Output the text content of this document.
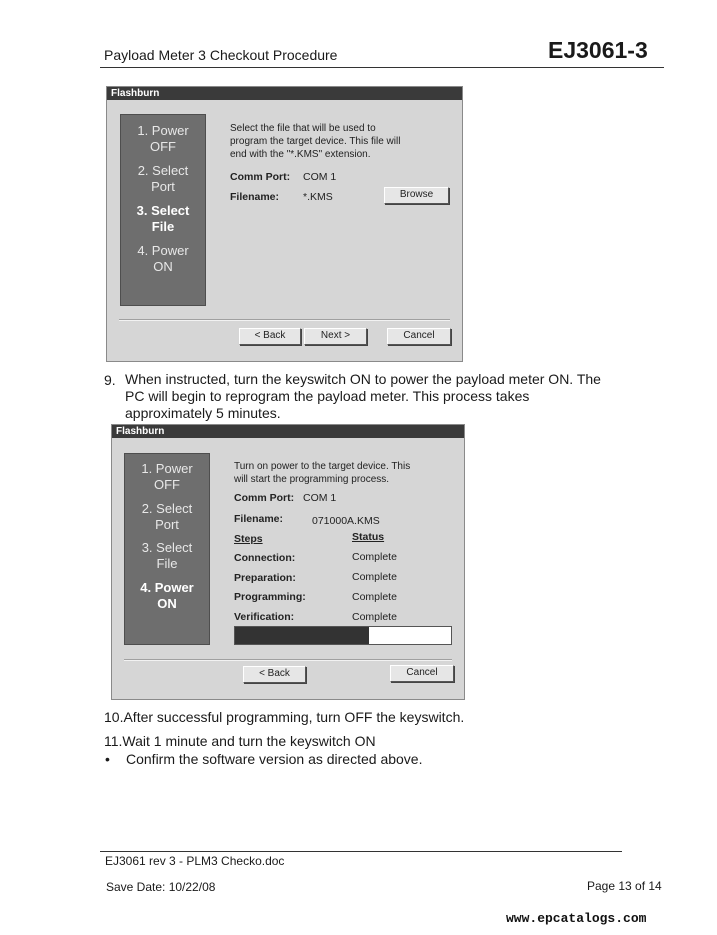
Payload Meter 3 Checkout Procedure	EJ3061-3
Flashburn
1. Power
OFF
2. Select
Port
3. Select
File
4. Power
ON
Select the file that will be used to
program the target device. This file will
end with the "*.KMS" extension.
Comm Port: COM 1
Filename: *.KMS	Browse
< Back	Next >	Cancel
9. When instructed, turn the keyswitch ON to power the payload meter ON. The
PC will begin to reprogram the payload meter. This process takes
approximately 5 minutes.
Flashburn
1. Power
OFF
2. Select
Port
3. Select
File
4. Power
ON
Turn on power to the target device. This
will start the programming process.
Comm Port: COM 1
Filename:	071000A.KMS
Steps	Status
Connection:	Complete
Preparation:	Complete
Programming:	Complete
Verification:	Complete
< Back	Cancel
10.After successful programming, turn OFF the keyswitch.
11.Wait 1 minute and turn the keyswitch ON
• Confirm the software version as directed above.
EJ3061 rev 3 - PLM3 Checko.doc
Save Date: 10/22/08	Page 13 of 14
www.epcatalogs.com
